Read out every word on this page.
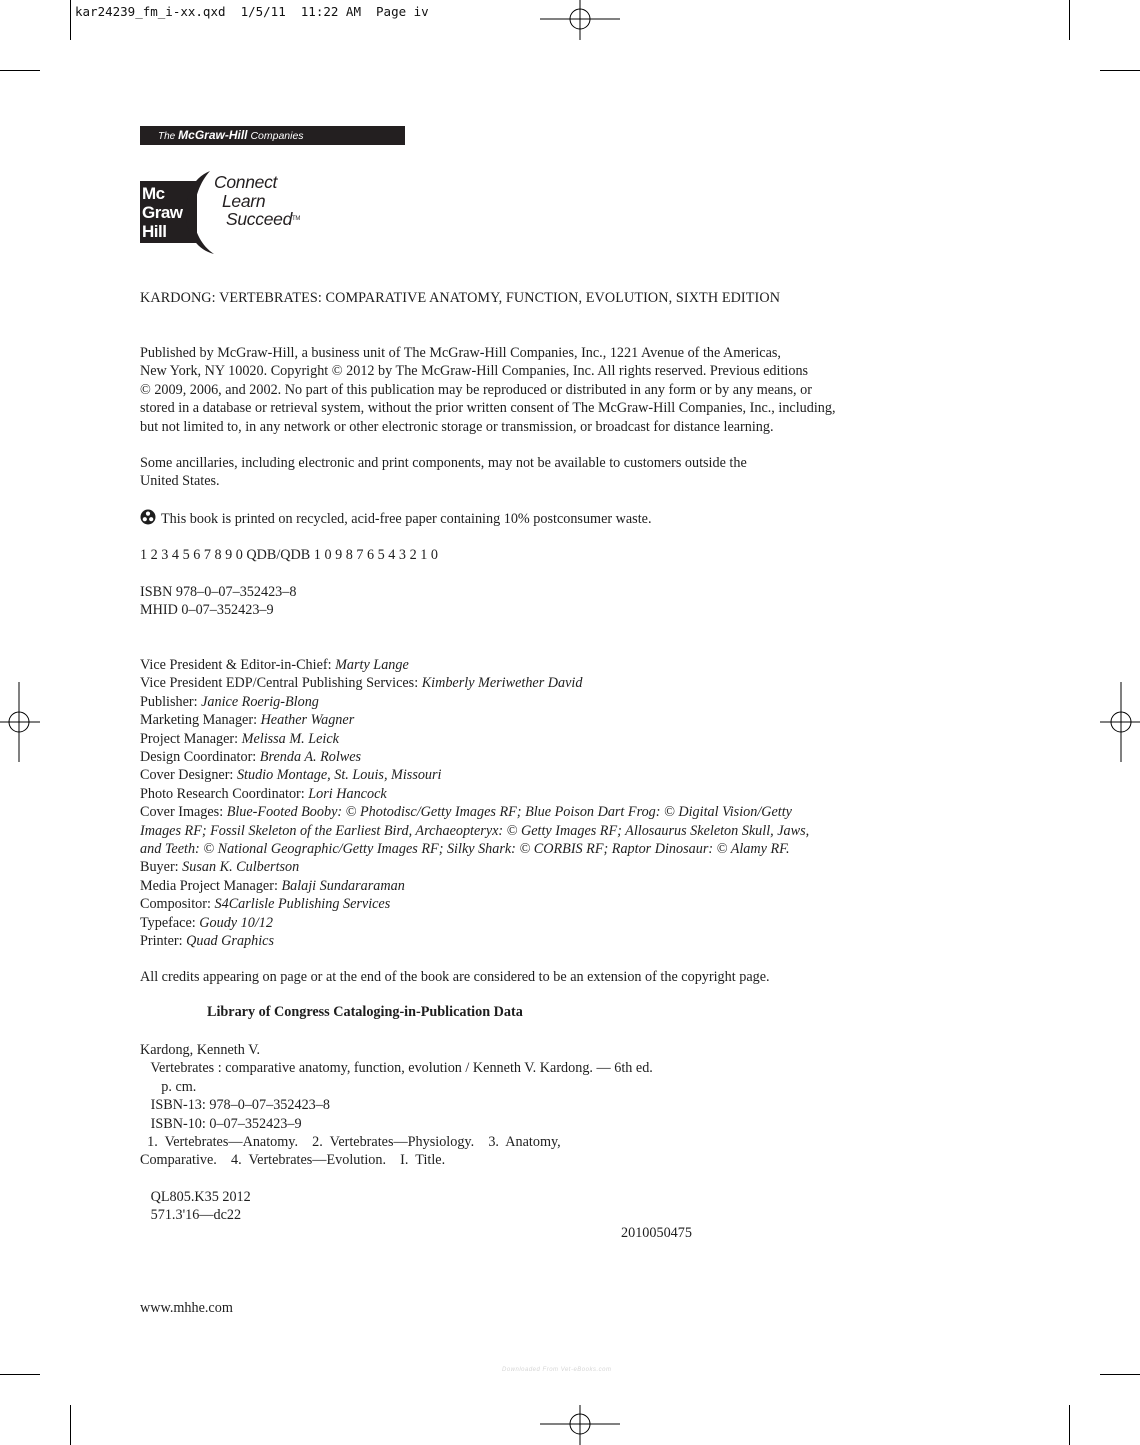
kar24239_fm_i-xx.qxd  1/5/11  11:22 AM  Page iv
The McGraw-Hill Companies
Mc
Graw
Hill
Connect
Learn
Succeed™
KARDONG: VERTEBRATES: COMPARATIVE ANATOMY, FUNCTION, EVOLUTION, SIXTH EDITION

Published by McGraw-Hill, a business unit of The McGraw-Hill Companies, Inc., 1221 Avenue of the Americas,

New York, NY 10020. Copyright © 2012 by The McGraw-Hill Companies, Inc. All rights reserved. Previous editions

© 2009, 2006, and 2002. No part of this publication may be reproduced or distributed in any form or by any means, or

stored in a database or retrieval system, without the prior written consent of The McGraw-Hill Companies, Inc., including,

but not limited to, in any network or other electronic storage or transmission, or broadcast for distance learning.

Some ancillaries, including electronic and print components, may not be available to customers outside the

United States.

This book is printed on recycled, acid-free paper containing 10% postconsumer waste.
1 2 3 4 5 6 7 8 9 0 QDB/QDB 1 0 9 8 7 6 5 4 3 2 1 0
ISBN 978–0–07–352423–8
MHID 0–07–352423–9
Vice President & Editor-in-Chief: Marty Lange
Vice President EDP/Central Publishing Services: Kimberly Meriwether David
Publisher: Janice Roerig-Blong
Marketing Manager: Heather Wagner
Project Manager: Melissa M. Leick
Design Coordinator: Brenda A. Rolwes
Cover Designer: Studio Montage, St. Louis, Missouri
Photo Research Coordinator: Lori Hancock
Cover Images: Blue-Footed Booby: © Photodisc/Getty Images RF; Blue Poison Dart Frog: © Digital Vision/Getty
Images RF; Fossil Skeleton of the Earliest Bird, Archaeopteryx: © Getty Images RF; Allosaurus Skeleton Skull, Jaws,
and Teeth: © National Geographic/Getty Images RF; Silky Shark: © CORBIS RF; Raptor Dinosaur: © Alamy RF.
Buyer: Susan K. Culbertson
Media Project Manager: Balaji Sundararaman
Compositor: S4Carlisle Publishing Services
Typeface: Goudy 10/12
Printer: Quad Graphics
All credits appearing on page or at the end of the book are considered to be an extension of the copyright page.
Library of Congress Cataloging-in-Publication Data
Kardong, Kenneth V.
Vertebrates : comparative anatomy, function, evolution / Kenneth V. Kardong. — 6th ed.
p. cm.
ISBN-13: 978–0–07–352423–8
ISBN-10: 0–07–352423–9
1.  Vertebrates—Anatomy.    2.  Vertebrates—Physiology.    3.  Anatomy,
Comparative.    4.  Vertebrates—Evolution.    I.  Title.
QL805.K35 2012
571.3'16—dc22
2010050475
www.mhhe.com
Downloaded From Vet-eBooks.com
